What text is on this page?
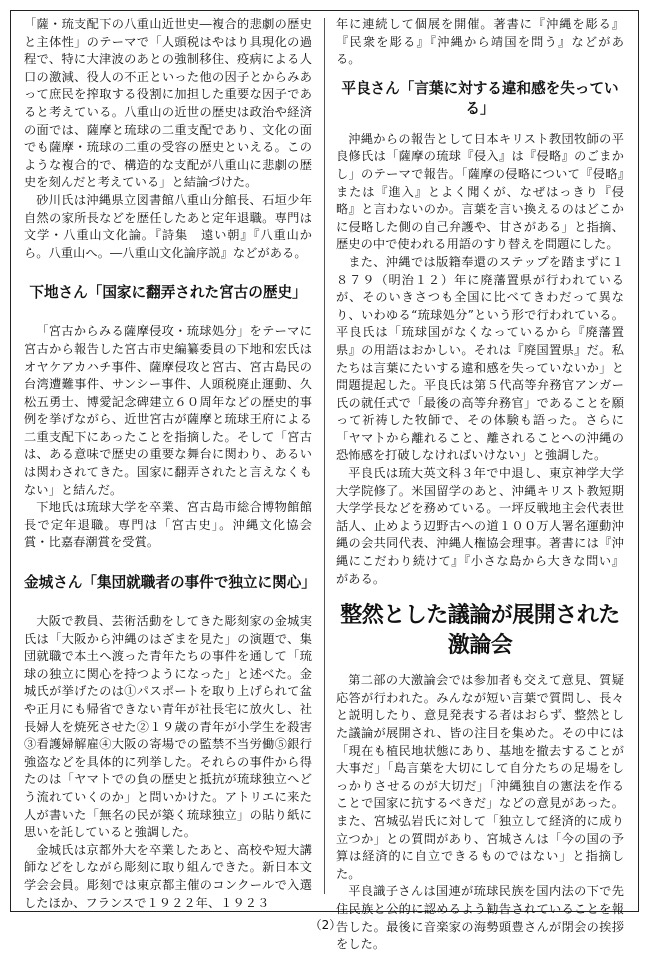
「薩・琉支配下の八重山近世史―複合的悲劇の歴史と主体性」のテーマで「人頭税はやはり具現化の過程で、特に大津波のあとの強制移住、疫病による人口の激減、役人の不正といった他の因子とからみあって庶民を搾取する役割に加担した重要な因子であると考えている。八重山の近世の歴史は政治や経済の面では、薩摩と琉球の二重支配であり、文化の面でも薩摩・琉球の二重の受容の歴史といえる。このような複合的で、構造的な支配が八重山に悲劇の歴史を刻んだと考えている」と結論づけた。

砂川氏は沖縄県立図書館八重山分館長、石垣少年自然の家所長などを歴任したあと定年退職。専門は文学・八重山文化論。『詩集　遠い朝』『八重山から。八重山へ。―八重山文化論序説』などがある。

下地さん「国家に翻弄された宮古の歴史」

「宮古からみる薩摩侵攻・琉球処分」をテーマに宮古から報告した宮古市史編纂委員の下地和宏氏はオヤケアカハチ事件、薩摩侵攻と宮古、宮古島民の台湾遭難事件、サンシー事件、人頭税廃止運動、久松五勇士、博愛記念碑建立６０周年などの歴史的事例を挙げながら、近世宮古が薩摩と琉球王府による二重支配下にあったことを指摘した。そして「宮古は、ある意味で歴史の重要な舞台に関わり、あるいは関わされてきた。国家に翻弄されたと言えなくもない」と結んだ。

下地氏は琉球大学を卒業、宮古島市総合博物館館長で定年退職。専門は「宮古史」。沖縄文化協会賞・比嘉春潮賞を受賞。

金城さん「集団就職者の事件で独立に関心」

大阪で教員、芸術活動をしてきた彫刻家の金城実氏は「大阪から沖縄のはざまを見た」の演題で、集団就職で本土へ渡った青年たちの事件を通して「琉球の独立に関心を持つようになった」と述べた。金城氏が挙げたのは①パスポートを取り上げられて盆や正月にも帰省できない青年が社長宅に放火し、社長婦人を焼死させた②１９歳の青年が小学生を殺害③看護婦解雇④大阪の寄場での監禁不当労働⑤銀行強盗などを具体的に列挙した。それらの事件から得たのは「ヤマトでの負の歴史と抵抗が琉球独立へどう流れていくのか」と問いかけた。アトリエに来た人が書いた「無名の民が築く琉球独立」の貼り紙に思いを託していると強調した。

金城氏は京都外大を卒業したあと、高校や短大講師などをしながら彫刻に取り組んできた。新日本文学会会員。彫刻では東京都主催のコンクールで入選したほか、フランスで１９２２年、１９２３

年に連続して個展を開催。著書に『沖縄を彫る』『民衆を彫る』『沖縄から靖国を問う』などがある。

平良さん「言葉に対する違和感を失っている」

沖縄からの報告として日本キリスト教団牧師の平良修氏は「薩摩の琉球『侵入』は『侵略』のごまかし」のテーマで報告。「薩摩の侵略について『侵略』または『進入』とよく聞くが、なぜはっきり『侵略』と言わないのか。言葉を言い換えるのはどこかに侵略した側の自己弁護や、甘さがある」と指摘、歴史の中で使われる用語のすり替えを問題にした。

また、沖縄では版籍奉還のステップを踏まずに１８７９（明治１２）年に廃藩置県が行われているが、そのいきさつも全国に比べてきわだって異なり、いわゆる“琉球処分”という形で行われている。平良氏は「琉球国がなくなっているから『廃藩置県』の用語はおかしい。それは『廃国置県』だ。私たちは言葉にたいする違和感を失っていないか」と問題提起した。平良氏は第５代高等弁務官アンガー氏の就任式で「最後の高等弁務官」であることを願って祈祷した牧師で、その体験も語った。さらに「ヤマトから離れること、離されることへの沖縄の恐怖感を打破しなければいけない」と強調した。

平良氏は琉大英文科３年で中退し、東京神学大学大学院修了。米国留学のあと、沖縄キリスト教短期大学学長などを務めている。一坪反戦地主会代表世話人、止めよう辺野古への道１００万人署名運動沖縄の会共同代表、沖縄人権協会理事。著書には『沖縄にこだわり続けて』『小さな島から大きな問い』がある。

整然とした議論が展開された激論会

第二部の大激論会では参加者も交えて意見、質疑応答が行われた。みんなが短い言葉で質問し、長々と説明したり、意見発表する者はおらず、整然とした議論が展開され、皆の注目を集めた。その中には「現在も植民地状態にあり、基地を撤去することが大事だ」「島言葉を大切にして自分たちの足場をしっかりさせるのが大切だ」「沖縄独自の憲法を作ることで国家に抗するべきだ」などの意見があった。また、宮城弘岩氏に対して「独立して経済的に成り立つか」との質問があり、宮城さんは「今の国の予算は経済的に自立できるものではない」と指摘した。

平良識子さんは国連が琉球民族を国内法の下で先住民族と公的に認めるよう勧告されていることを報告した。最後に音楽家の海勢頭豊さんが閉会の挨拶をした。

（2）
